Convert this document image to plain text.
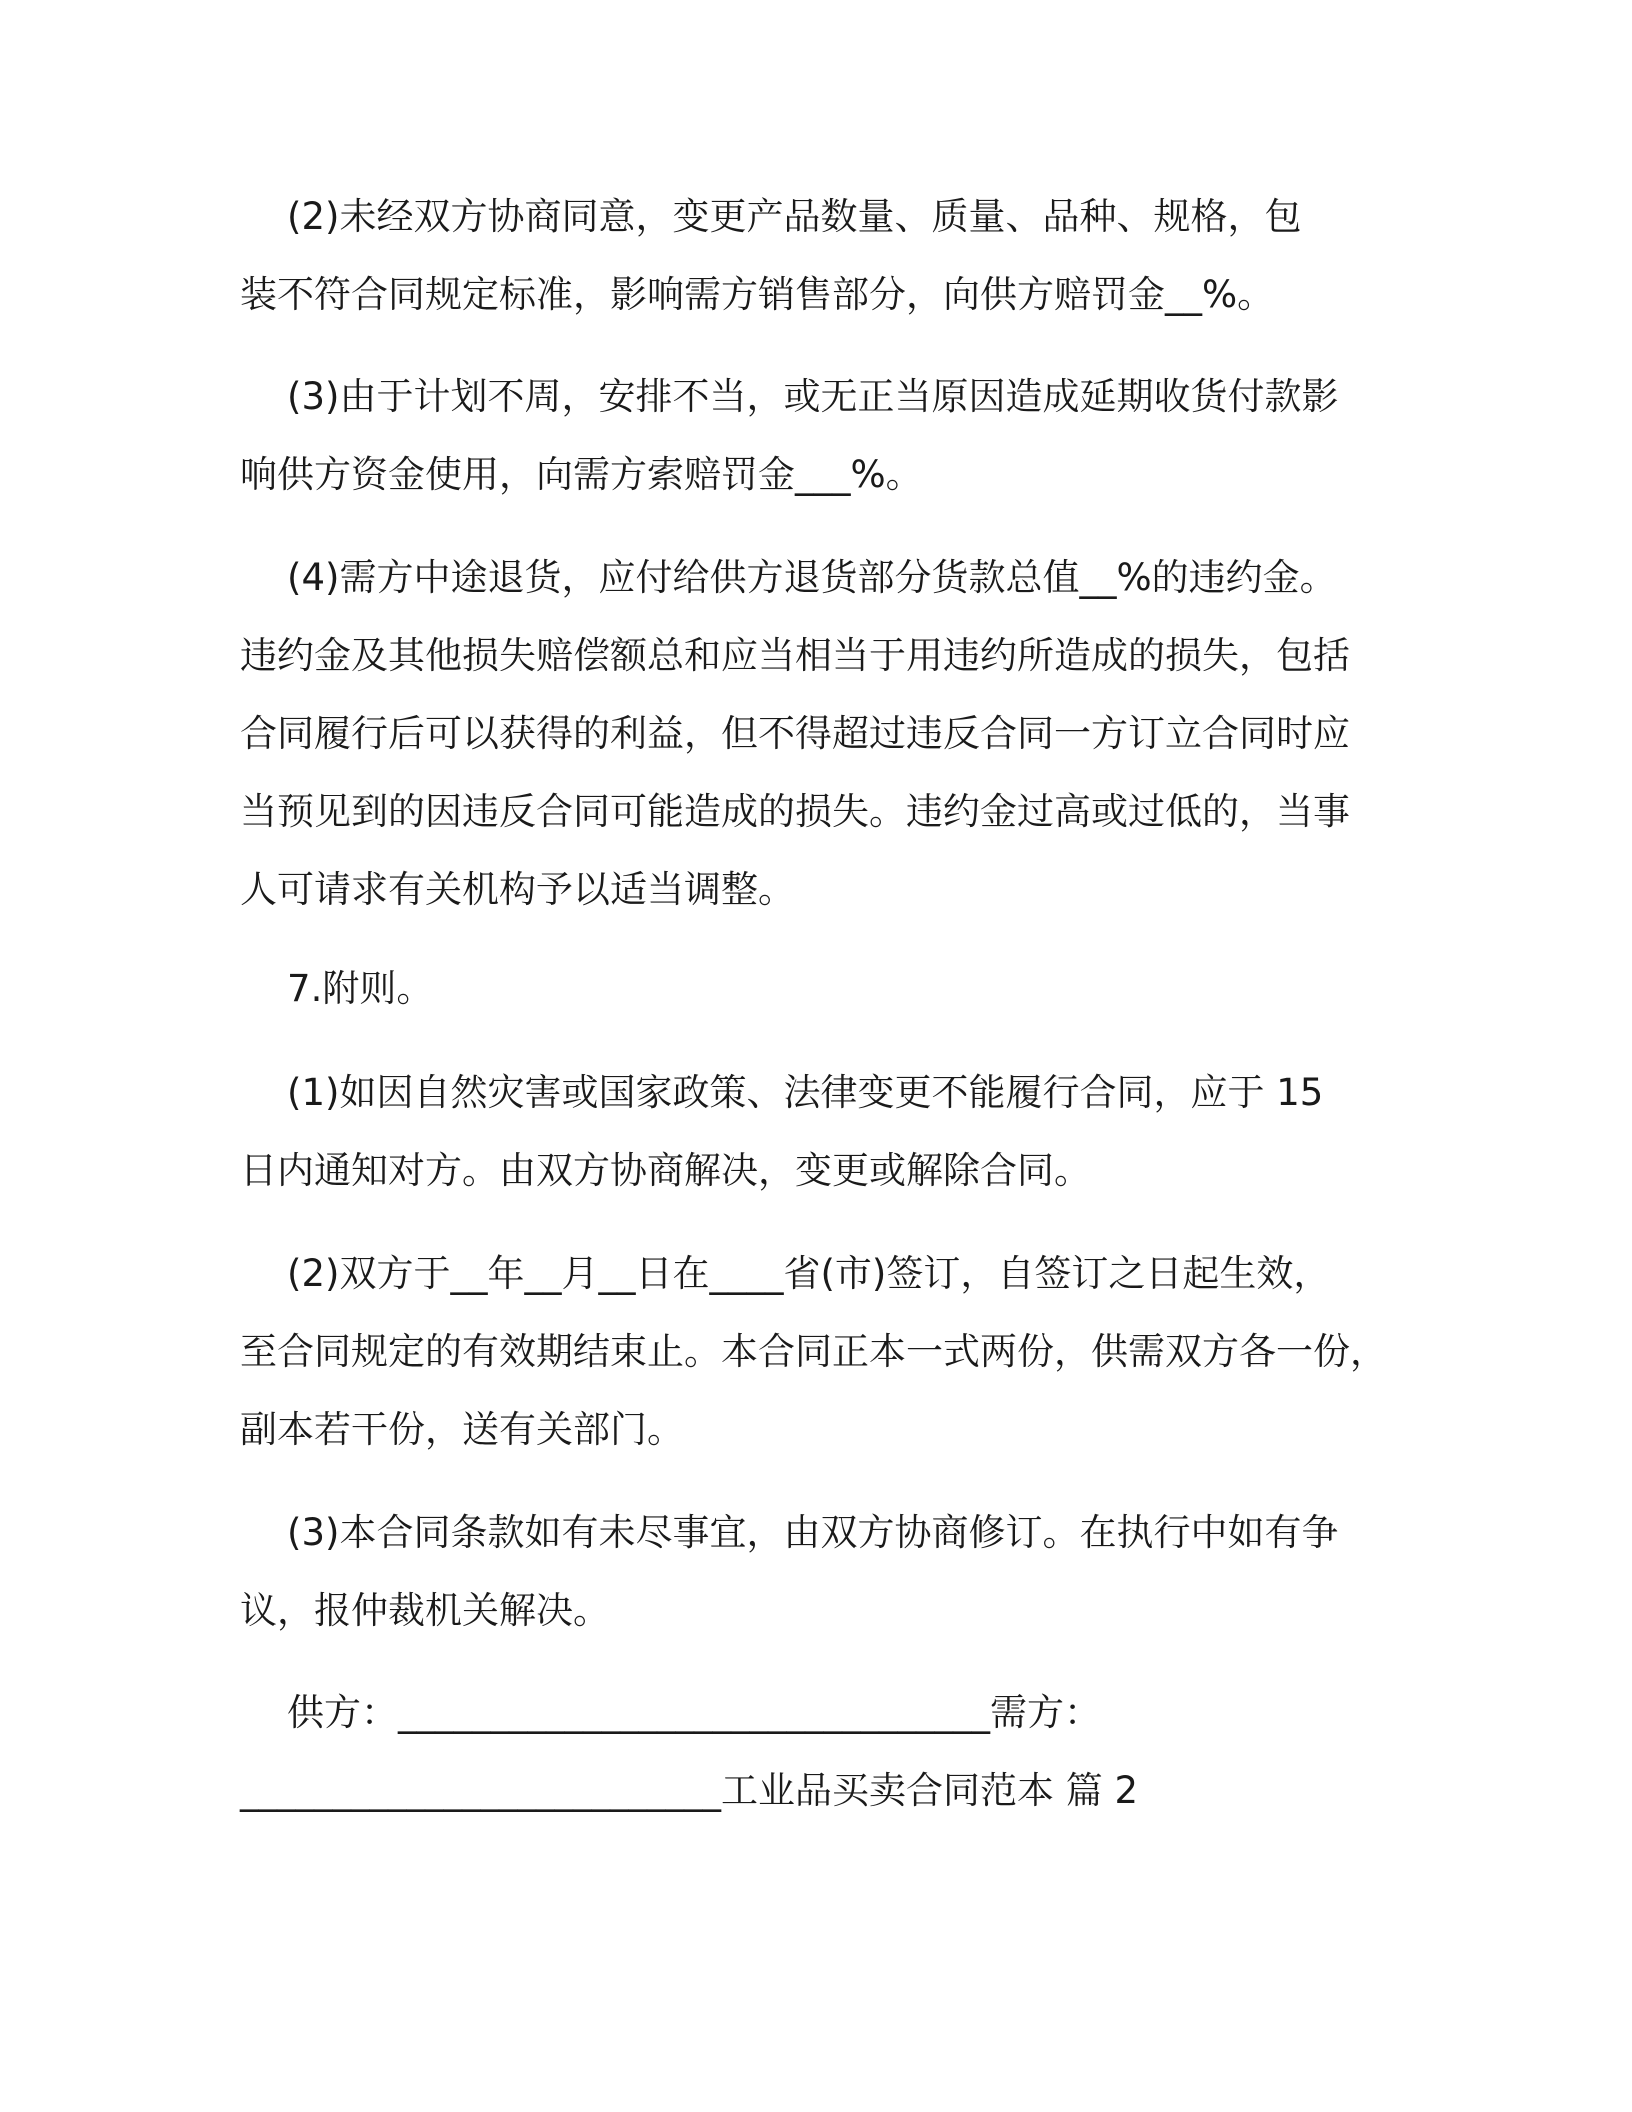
(2)未经双方协商同意，变更产品数量、质量、品种、规格，包

装不符合同规定标准，影响需方销售部分，向供方赔罚金__%。

(3)由于计划不周，安排不当，或无正当原因造成延期收货付款影

响供方资金使用，向需方索赔罚金___%。

(4)需方中途退货，应付给供方退货部分货款总值__%的违约金。

违约金及其他损失赔偿额总和应当相当于用违约所造成的损失，包括

合同履行后可以获得的利益，但不得超过违反合同一方订立合同时应

当预见到的因违反合同可能造成的损失。违约金过高或过低的，当事

人可请求有关机构予以适当调整。

7.附则。

(1)如因自然灾害或国家政策、法律变更不能履行合同，应于 15

日内通知对方。由双方协商解决，变更或解除合同。

(2)双方于__年__月__日在____省(市)签订，自签订之日起生效，

至合同规定的有效期结束止。本合同正本一式两份，供需双方各一份，

副本若干份，送有关部门。

(3)本合同条款如有未尽事宜，由双方协商修订。在执行中如有争

议，报仲裁机关解决。

供方：________________________________需方：

__________________________工业品买卖合同范本 篇 2
